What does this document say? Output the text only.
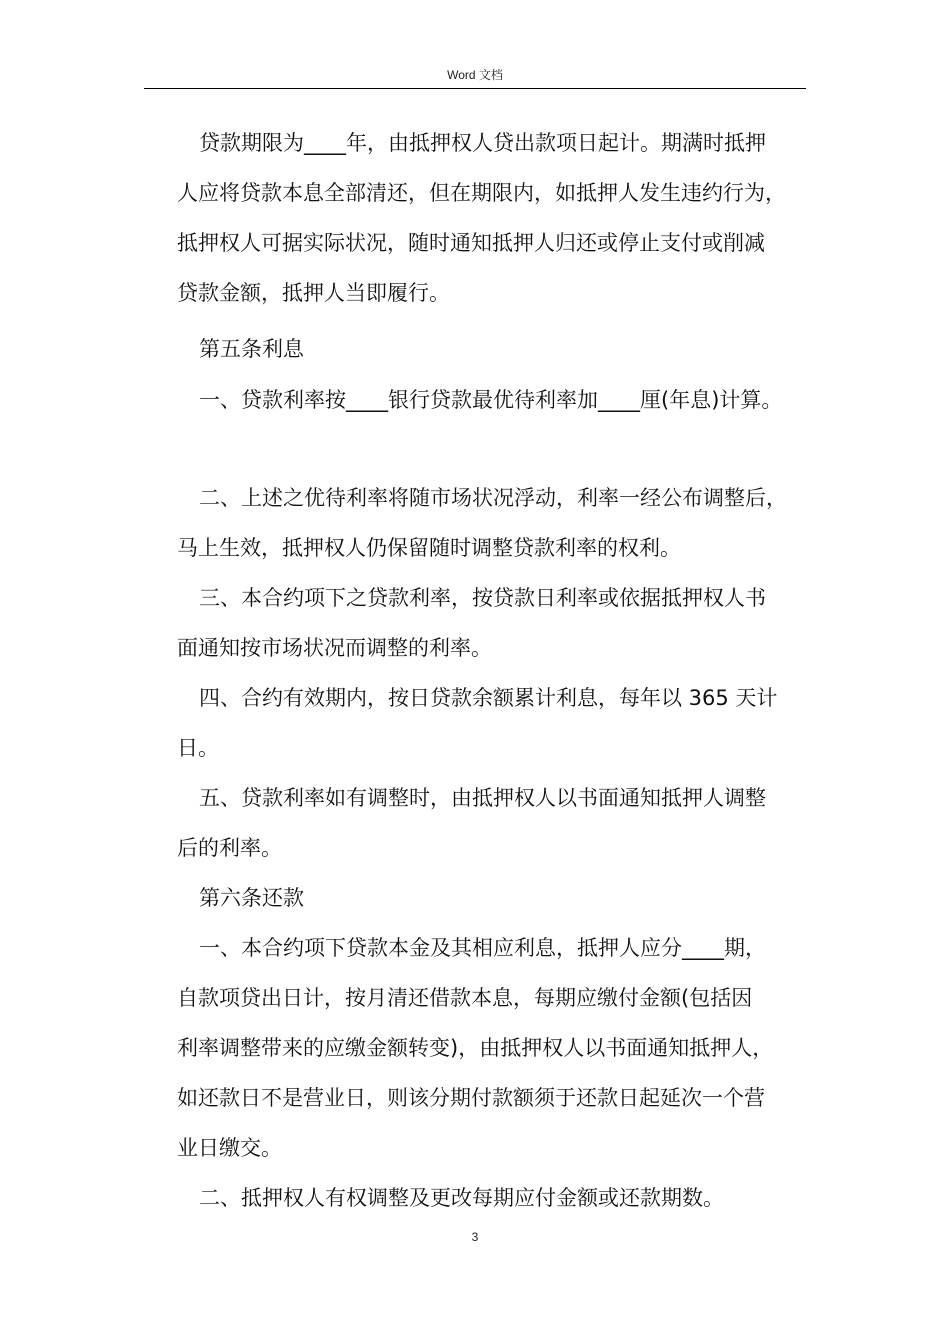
Word 文档
贷款期限为____年，由抵押权人贷出款项日起计。期满时抵押
人应将贷款本息全部清还，但在期限内，如抵押人发生违约行为，
抵押权人可据实际状况，随时通知抵押人归还或停止支付或削减
贷款金额，抵押人当即履行。
第五条利息
一、贷款利率按____银行贷款最优待利率加____厘(年息)计算。
二、上述之优待利率将随市场状况浮动，利率一经公布调整后，
马上生效，抵押权人仍保留随时调整贷款利率的权利。
三、本合约项下之贷款利率，按贷款日利率或依据抵押权人书
面通知按市场状况而调整的利率。
四、合约有效期内，按日贷款余额累计利息，每年以 365 天计
日。
五、贷款利率如有调整时，由抵押权人以书面通知抵押人调整
后的利率。
第六条还款
一、本合约项下贷款本金及其相应利息，抵押人应分____期，
自款项贷出日计，按月清还借款本息，每期应缴付金额(包括因
利率调整带来的应缴金额转变)，由抵押权人以书面通知抵押人，
如还款日不是营业日，则该分期付款额须于还款日起延次一个营
业日缴交。
二、抵押权人有权调整及更改每期应付金额或还款期数。
3
